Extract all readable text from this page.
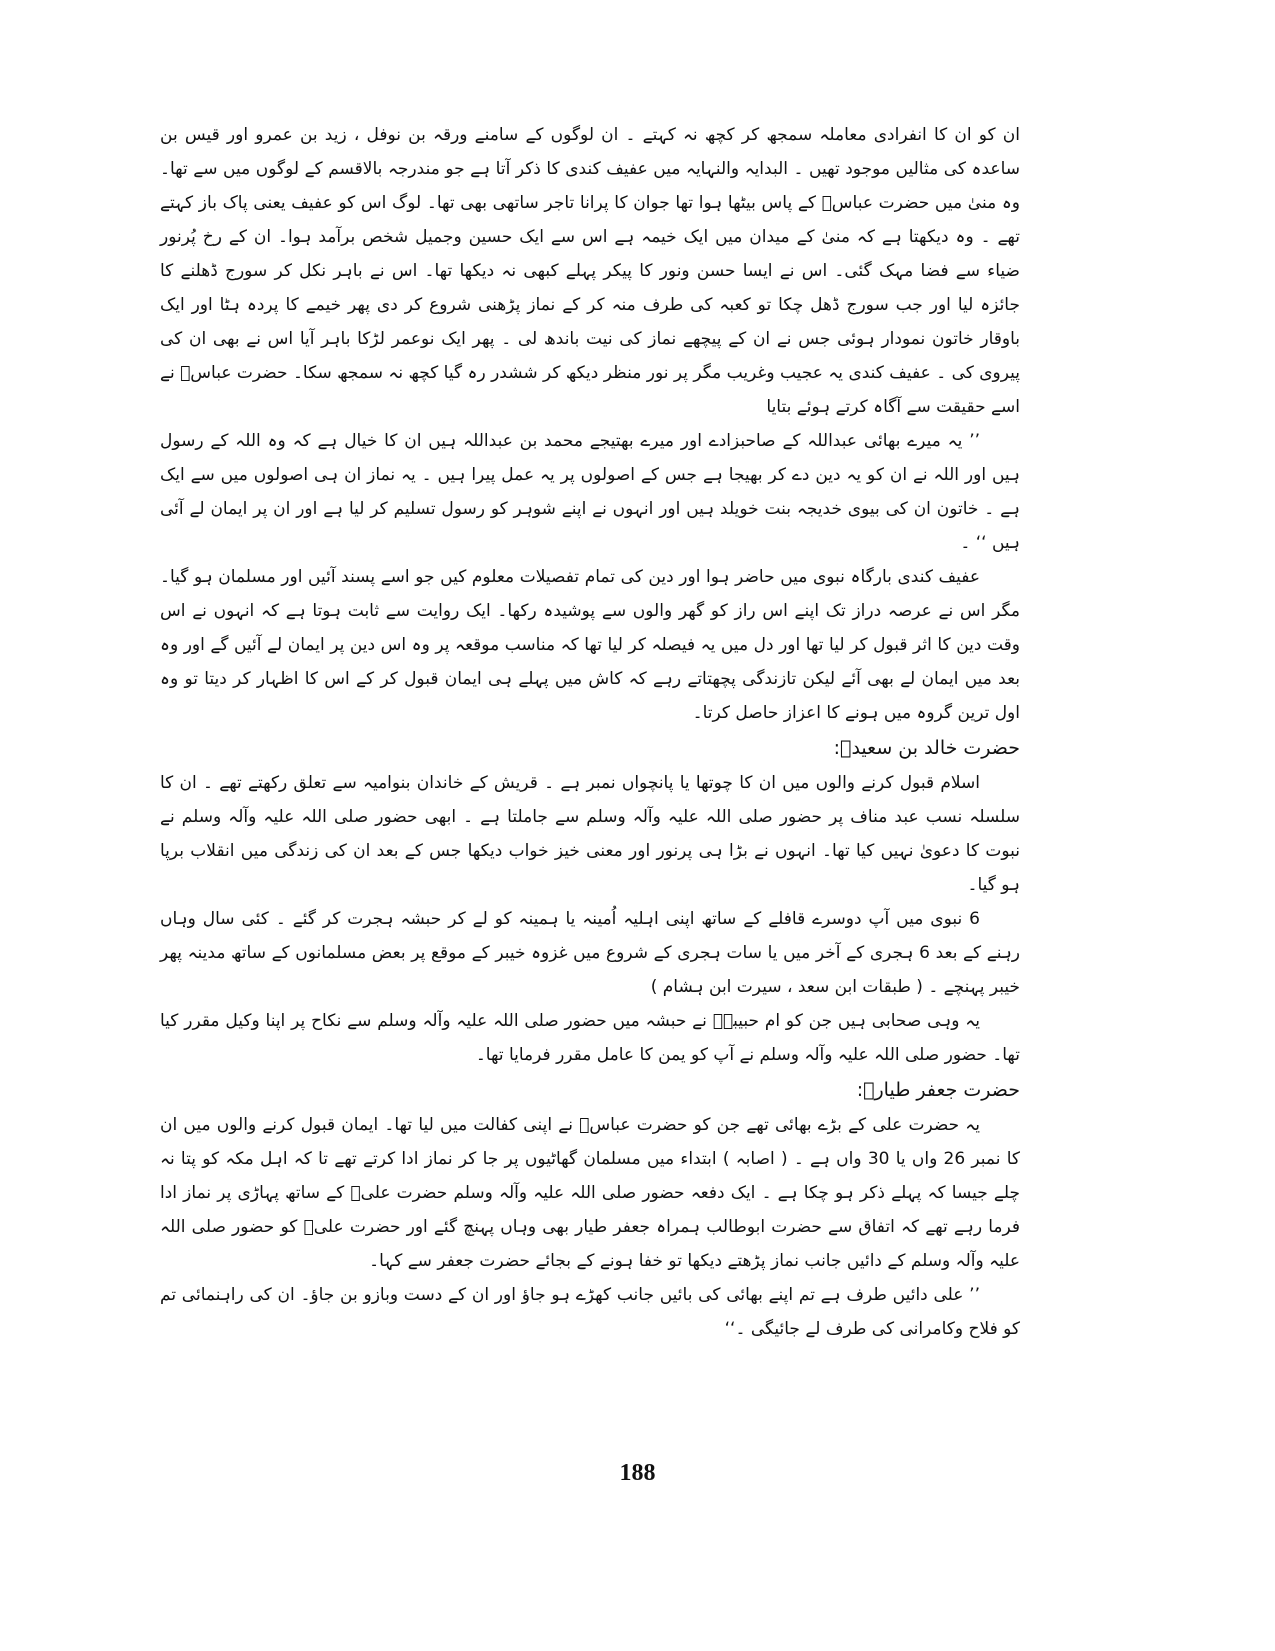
ان کو ان کا انفرادی معاملہ سمجھ کر کچھ نہ کہتے ۔ ان لوگوں کے سامنے ورقہ بن نوفل ، زید بن عمرو اور قیس بن ساعدہ کی مثالیں موجود تھیں ۔ البدایہ والنہایہ میں عفیف کندی کا ذکر آتا ہے جو مندرجہ بالاقسم کے لوگوں میں سے تھا۔ وہ منیٰ میں حضرت عباسؓ کے پاس بیٹھا ہوا تھا جوان کا پرانا تاجر ساتھی بھی تھا۔ لوگ اس کو عفیف یعنی پاک باز کہتے تھے ۔ وہ دیکھتا ہے کہ منیٰ کے میدان میں ایک خیمہ ہے اس سے ایک حسین وجمیل شخص برآمد ہوا۔ ان کے رخ پُرنور ضیاء سے فضا مہک گئی۔ اس نے ایسا حسن ونور کا پیکر پہلے کبھی نہ دیکھا تھا۔ اس نے باہر نکل کر سورج ڈھلنے کا جائزہ لیا اور جب سورج ڈھل چکا تو کعبہ کی طرف منہ کر کے نماز پڑھنی شروع کر دی پھر خیمے کا پردہ ہٹا اور ایک باوقار خاتون نمودار ہوئی جس نے ان کے پیچھے نماز کی نیت باندھ لی ۔ پھر ایک نوعمر لڑکا باہر آیا اس نے بھی ان کی پیروی کی ۔ عفیف کندی یہ عجیب وغریب مگر پر نور منظر دیکھ کر ششدر رہ گیا کچھ نہ سمجھ سکا۔ حضرت عباسؓ نے اسے حقیقت سے آگاہ کرتے ہوئے بتایا

’’ یہ میرے بھائی عبداللہ کے صاحبزادے اور میرے بھتیجے محمد بن عبداللہ ہیں ان کا خیال ہے کہ وہ اللہ کے رسول ہیں اور اللہ نے ان کو یہ دین دے کر بھیجا ہے جس کے اصولوں پر یہ عمل پیرا ہیں ۔ یہ نماز ان ہی اصولوں میں سے ایک ہے ۔ خاتون ان کی بیوی خدیجہ بنت خویلد ہیں اور انہوں نے اپنے شوہر کو رسول تسلیم کر لیا ہے اور ان پر ایمان لے آئی ہیں ‘‘ ۔

عفیف کندی بارگاہ نبوی میں حاضر ہوا اور دین کی تمام تفصیلات معلوم کیں جو اسے پسند آئیں اور مسلمان ہو گیا۔ مگر اس نے عرصہ دراز تک اپنے اس راز کو گھر والوں سے پوشیدہ رکھا۔ ایک روایت سے ثابت ہوتا ہے کہ انہوں نے اس وقت دین کا اثر قبول کر لیا تھا اور دل میں یہ فیصلہ کر لیا تھا کہ مناسب موقعہ پر وہ اس دین پر ایمان لے آئیں گے اور وہ بعد میں ایمان لے بھی آئے لیکن تازندگی پچھتاتے رہے کہ کاش میں پہلے ہی ایمان قبول کر کے اس کا اظہار کر دیتا تو وہ اول ترین گروہ میں ہونے کا اعزاز حاصل کرتا۔

حضرت خالد بن سعیدؓ:

اسلام قبول کرنے والوں میں ان کا چوتھا یا پانچواں نمبر ہے ۔ قریش کے خاندان بنوامیہ سے تعلق رکھتے تھے ۔ ان کا سلسلہ نسب عبد مناف پر حضور صلی اللہ علیہ وآلہ وسلم سے جاملتا ہے ۔ ابھی حضور صلی اللہ علیہ وآلہ وسلم نے نبوت کا دعویٰ نہیں کیا تھا۔ انہوں نے بڑا ہی پرنور اور معنی خیز خواب دیکھا جس کے بعد ان کی زندگی میں انقلاب برپا ہو گیا۔

6 نبوی میں آپ دوسرے قافلے کے ساتھ اپنی اہلیہ اُمینہ یا ہمینہ کو لے کر حبشہ ہجرت کر گئے ۔ کئی سال وہاں رہنے کے بعد 6 ہجری کے آخر میں یا سات ہجری کے شروع میں غزوہ خیبر کے موقع پر بعض مسلمانوں کے ساتھ مدینہ پھر خیبر پہنچے ۔ ( طبقات ابن سعد ، سیرت ابن ہشام )

یہ وہی صحابی ہیں جن کو ام حبیبہؓ نے حبشہ میں حضور صلی اللہ علیہ وآلہ وسلم سے نکاح پر اپنا وکیل مقرر کیا تھا۔ حضور صلی اللہ علیہ وآلہ وسلم نے آپ کو یمن کا عامل مقرر فرمایا تھا۔

حضرت جعفر طیارؓ:

یہ حضرت علی کے بڑے بھائی تھے جن کو حضرت عباسؓ نے اپنی کفالت میں لیا تھا۔ ایمان قبول کرنے والوں میں ان کا نمبر 26 واں یا 30 واں ہے ۔ ( اصابہ ) ابتداء میں مسلمان گھاٹیوں پر جا کر نماز ادا کرتے تھے تا کہ اہل مکہ کو پتا نہ چلے جیسا کہ پہلے ذکر ہو چکا ہے ۔ ایک دفعہ حضور صلی اللہ علیہ وآلہ وسلم حضرت علیؓ کے ساتھ پہاڑی پر نماز ادا فرما رہے تھے کہ اتفاق سے حضرت ابوطالب ہمراہ جعفر طیار بھی وہاں پہنچ گئے اور حضرت علیؓ کو حضور صلی اللہ علیہ وآلہ وسلم کے دائیں جانب نماز پڑھتے دیکھا تو خفا ہونے کے بجائے حضرت جعفر سے کہا۔

’’ علی دائیں طرف ہے تم اپنے بھائی کی بائیں جانب کھڑے ہو جاؤ اور ان کے دست وبازو بن جاؤ۔ ان کی راہنمائی تم کو فلاح وکامرانی کی طرف لے جائیگی ۔‘‘

188
